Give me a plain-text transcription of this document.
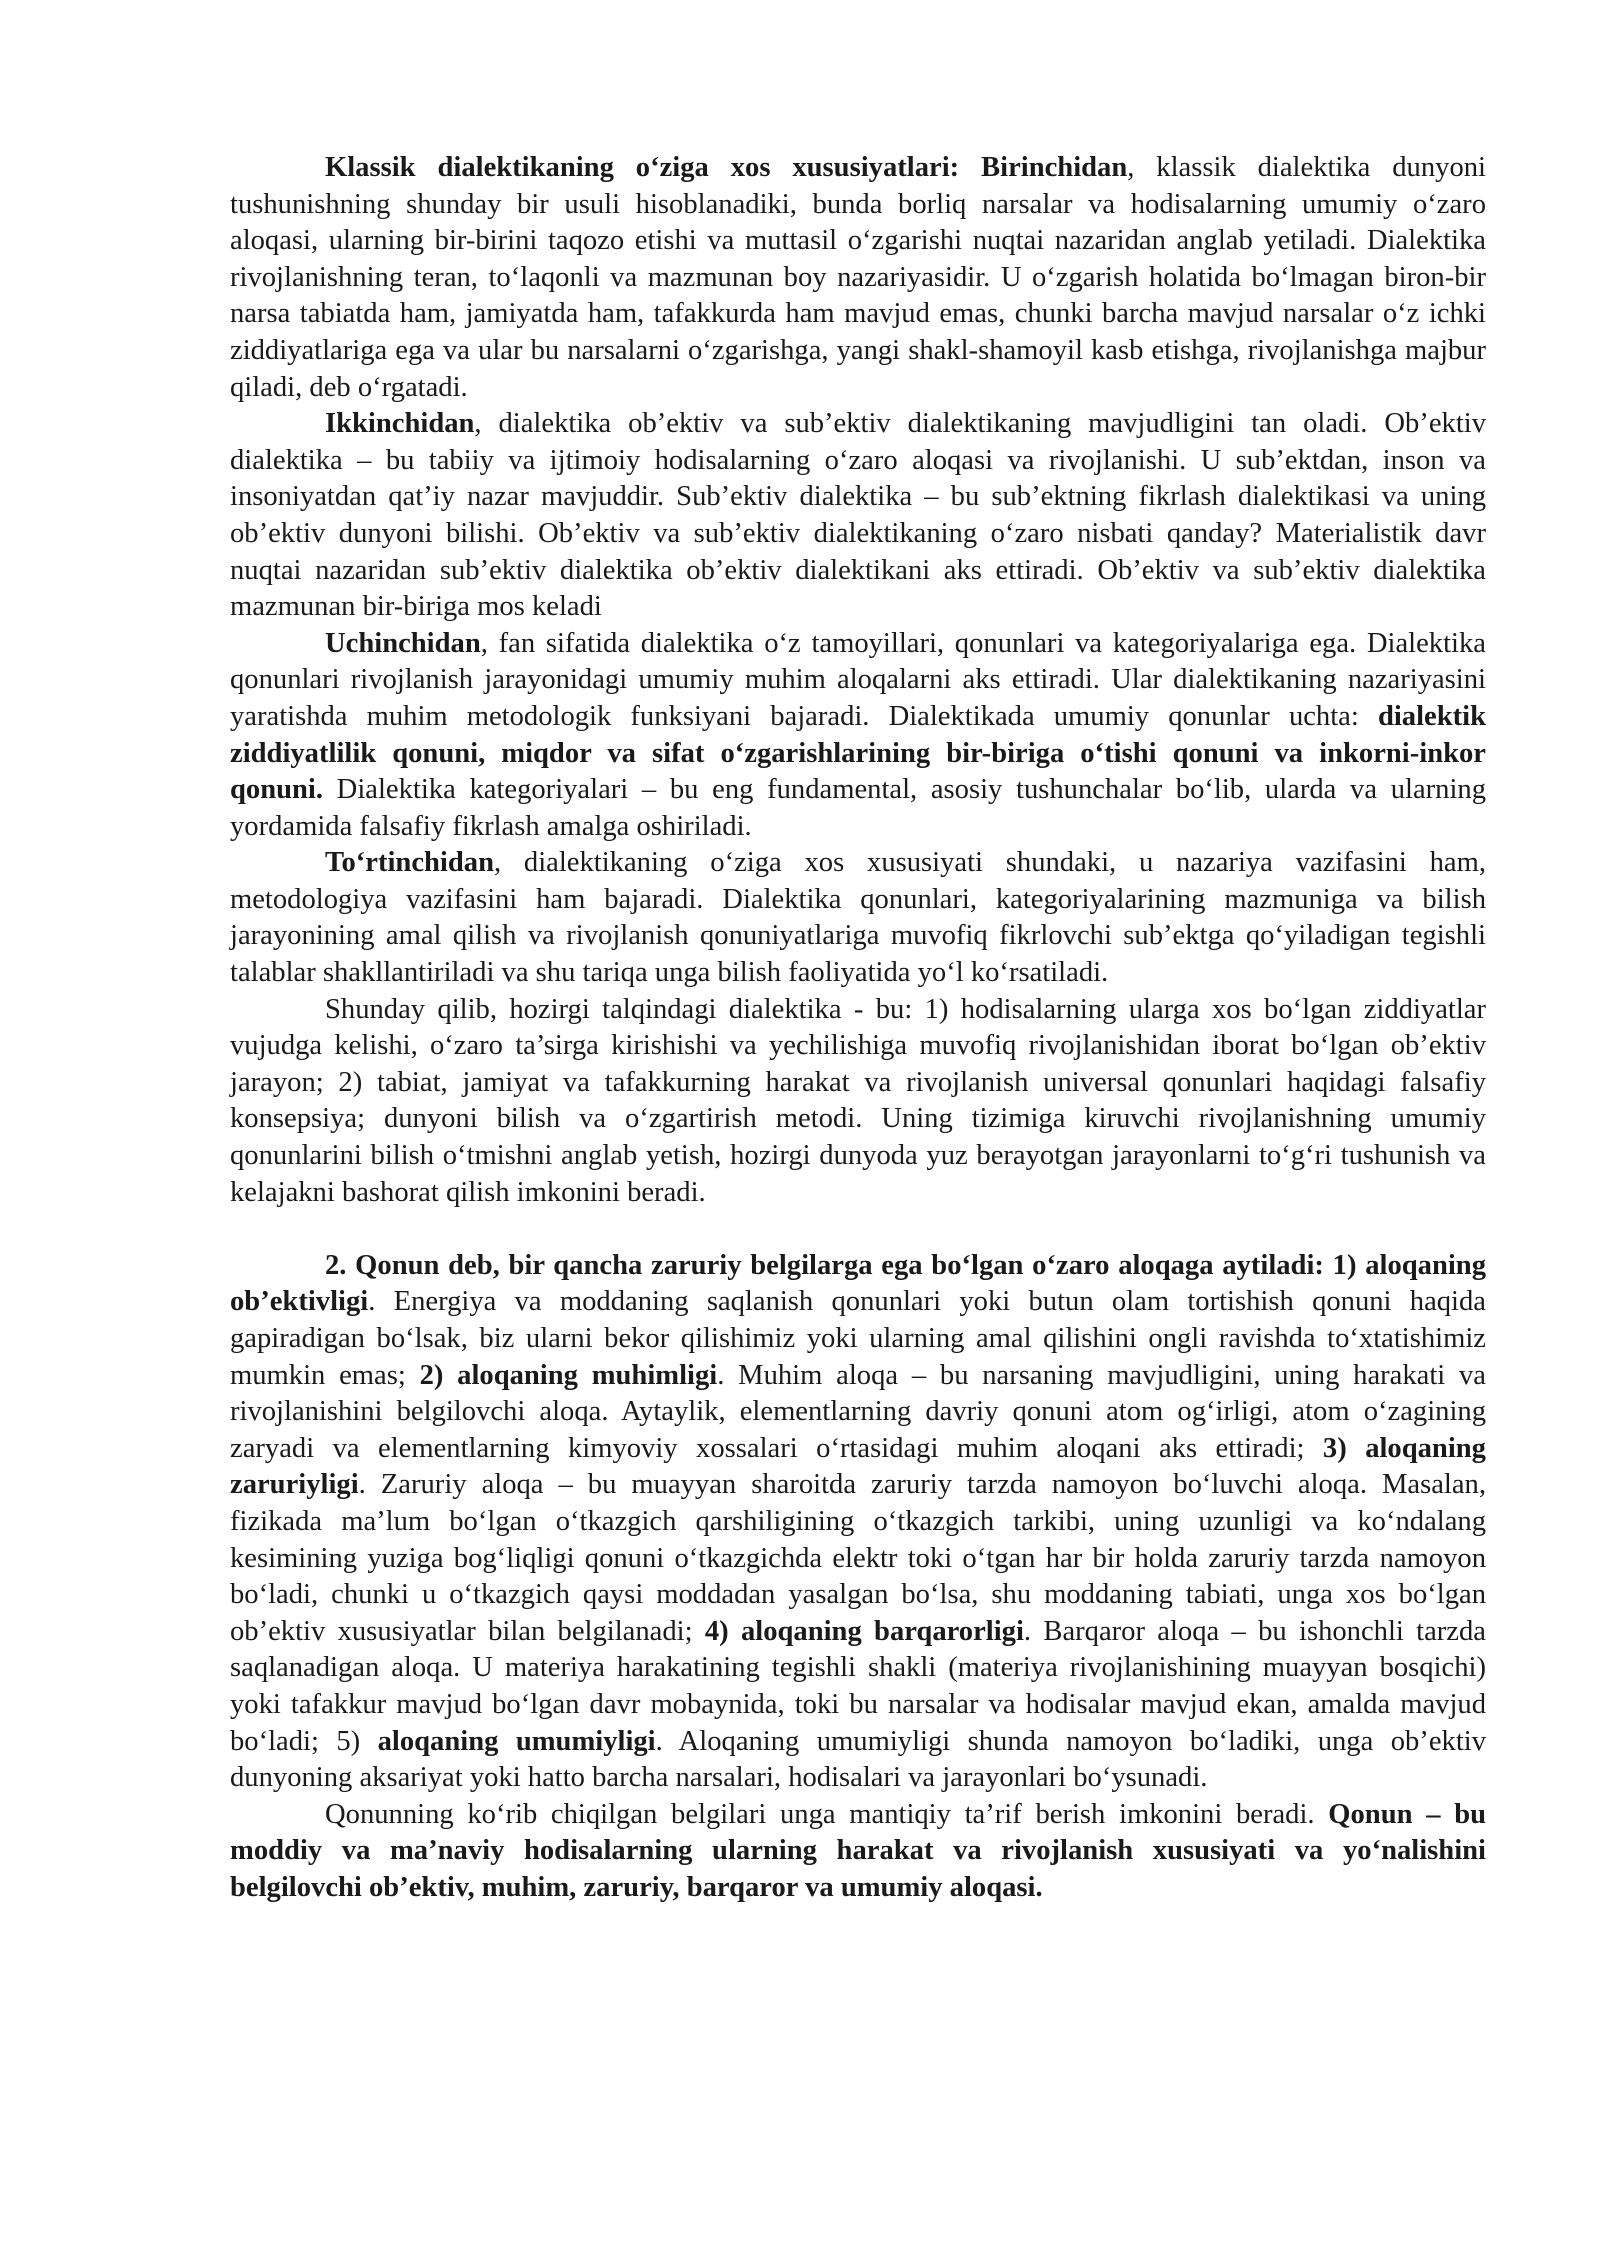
Klassik dialektikaning o‘ziga xos xususiyatlari: Birinchidan, klassik dialektika dunyoni tushunishning shunday bir usuli hisoblanadiki, bunda borliq narsalar va hodisalarning umumiy o‘zaro aloqasi, ularning bir-birini taqozo etishi va muttasil o‘zgarishi nuqtai nazaridan anglab yetiladi. Dialektika rivojlanishning teran, to‘laqonli va mazmunan boy nazariyasidir. U o‘zgarish holatida bo‘lmagan biron-bir narsa tabiatda ham, jamiyatda ham, tafakkurda ham mavjud emas, chunki barcha mavjud narsalar o‘z ichki ziddiyatlariga ega va ular bu narsalarni o‘zgarishga, yangi shakl-shamoyil kasb etishga, rivojlanishga majbur qiladi, deb o‘rgatadi.

Ikkinchidan, dialektika ob’ektiv va sub’ektiv dialektikaning mavjudligini tan oladi. Ob’ektiv dialektika – bu tabiiy va ijtimoiy hodisalarning o‘zaro aloqasi va rivojlanishi. U sub’ektdan, inson va insoniyatdan qat’iy nazar mavjuddir. Sub’ektiv dialektika – bu sub’ektning fikrlash dialektikasi va uning ob’ektiv dunyoni bilishi. Ob’ektiv va sub’ektiv dialektikaning o‘zaro nisbati qanday? Materialistik davr nuqtai nazaridan sub’ektiv dialektika ob’ektiv dialektikani aks ettiradi. Ob’ektiv va sub’ektiv dialektika mazmunan bir-biriga mos keladi

Uchinchidan, fan sifatida dialektika o‘z tamoyillari, qonunlari va kategoriyalariga ega. Dialektika qonunlari rivojlanish jarayonidagi umumiy muhim aloqalarni aks ettiradi. Ular dialektikaning nazariyasini yaratishda muhim metodologik funksiyani bajaradi. Dialektikada umumiy qonunlar uchta: dialektik ziddiyatlilik qonuni, miqdor va sifat o‘zgarishlarining bir-biriga o‘tishi qonuni va inkorni-inkor qonuni. Dialektika kategoriyalari – bu eng fundamental, asosiy tushunchalar bo‘lib, ularda va ularning yordamida falsafiy fikrlash amalga oshiriladi.

To‘rtinchidan, dialektikaning o‘ziga xos xususiyati shundaki, u nazariya vazifasini ham, metodologiya vazifasini ham bajaradi. Dialektika qonunlari, kategoriyalarining mazmuniga va bilish jarayonining amal qilish va rivojlanish qonuniyatlariga muvofiq fikrlovchi sub’ektga qo‘yiladigan tegishli talablar shakllantiriladi va shu tariqa unga bilish faoliyatida yo‘l ko‘rsatiladi.

Shunday qilib, hozirgi talqindagi dialektika - bu: 1) hodisalarning ularga xos bo‘lgan ziddiyatlar vujudga kelishi, o‘zaro ta’sirga kirishishi va yechilishiga muvofiq rivojlanishidan iborat bo‘lgan ob’ektiv jarayon; 2) tabiat, jamiyat va tafakkurning harakat va rivojlanish universal qonunlari haqidagi falsafiy konsepsiya; dunyoni bilish va o‘zgartirish metodi. Uning tizimiga kiruvchi rivojlanishning umumiy qonunlarini bilish o‘tmishni anglab yetish, hozirgi dunyoda yuz berayotgan jarayonlarni to‘g‘ri tushunish va kelajakni bashorat qilish imkonini beradi.

2. Qonun deb, bir qancha zaruriy belgilarga ega bo‘lgan o‘zaro aloqaga aytiladi: 1) aloqaning ob’ektivligi. Energiya va moddaning saqlanish qonunlari yoki butun olam tortishish qonuni haqida gapiradigan bo‘lsak, biz ularni bekor qilishimiz yoki ularning amal qilishini ongli ravishda to‘xtatishimiz mumkin emas; 2) aloqaning muhimligi. Muhim aloqa – bu narsaning mavjudligini, uning harakati va rivojlanishini belgilovchi aloqa. Aytaylik, elementlarning davriy qonuni atom og‘irligi, atom o‘zagining zaryadi va elementlarning kimyoviy xossalari o‘rtasidagi muhim aloqani aks ettiradi; 3) aloqaning zaruriyligi. Zaruriy aloqa – bu muayyan sharoitda zaruriy tarzda namoyon bo‘luvchi aloqa. Masalan, fizikada ma’lum bo‘lgan o‘tkazgich qarshiligining o‘tkazgich tarkibi, uning uzunligi va ko‘ndalang kesimining yuziga bog‘liqligi qonuni o‘tkazgichda elektr toki o‘tgan har bir holda zaruriy tarzda namoyon bo‘ladi, chunki u o‘tkazgich qaysi moddadan yasalgan bo‘lsa, shu moddaning tabiati, unga xos bo‘lgan ob’ektiv xususiyatlar bilan belgilanadi; 4) aloqaning barqarorligi. Barqaror aloqa – bu ishonchli tarzda saqlanadigan aloqa. U materiya harakatining tegishli shakli (materiya rivojlanishining muayyan bosqichi) yoki tafakkur mavjud bo‘lgan davr mobaynida, toki bu narsalar va hodisalar mavjud ekan, amalda mavjud bo‘ladi; 5) aloqaning umumiyligi. Aloqaning umumiyligi shunda namoyon bo‘ladiki, unga ob’ektiv dunyoning aksariyat yoki hatto barcha narsalari, hodisalari va jarayonlari bo‘ysunadi.

Qonunning ko‘rib chiqilgan belgilari unga mantiqiy ta’rif berish imkonini beradi. Qonun – bu moddiy va ma’naviy hodisalarning ularning harakat va rivojlanish xususiyati va yo‘nalishini belgilovchi ob’ektiv, muhim, zaruriy, barqaror va umumiy aloqasi.
